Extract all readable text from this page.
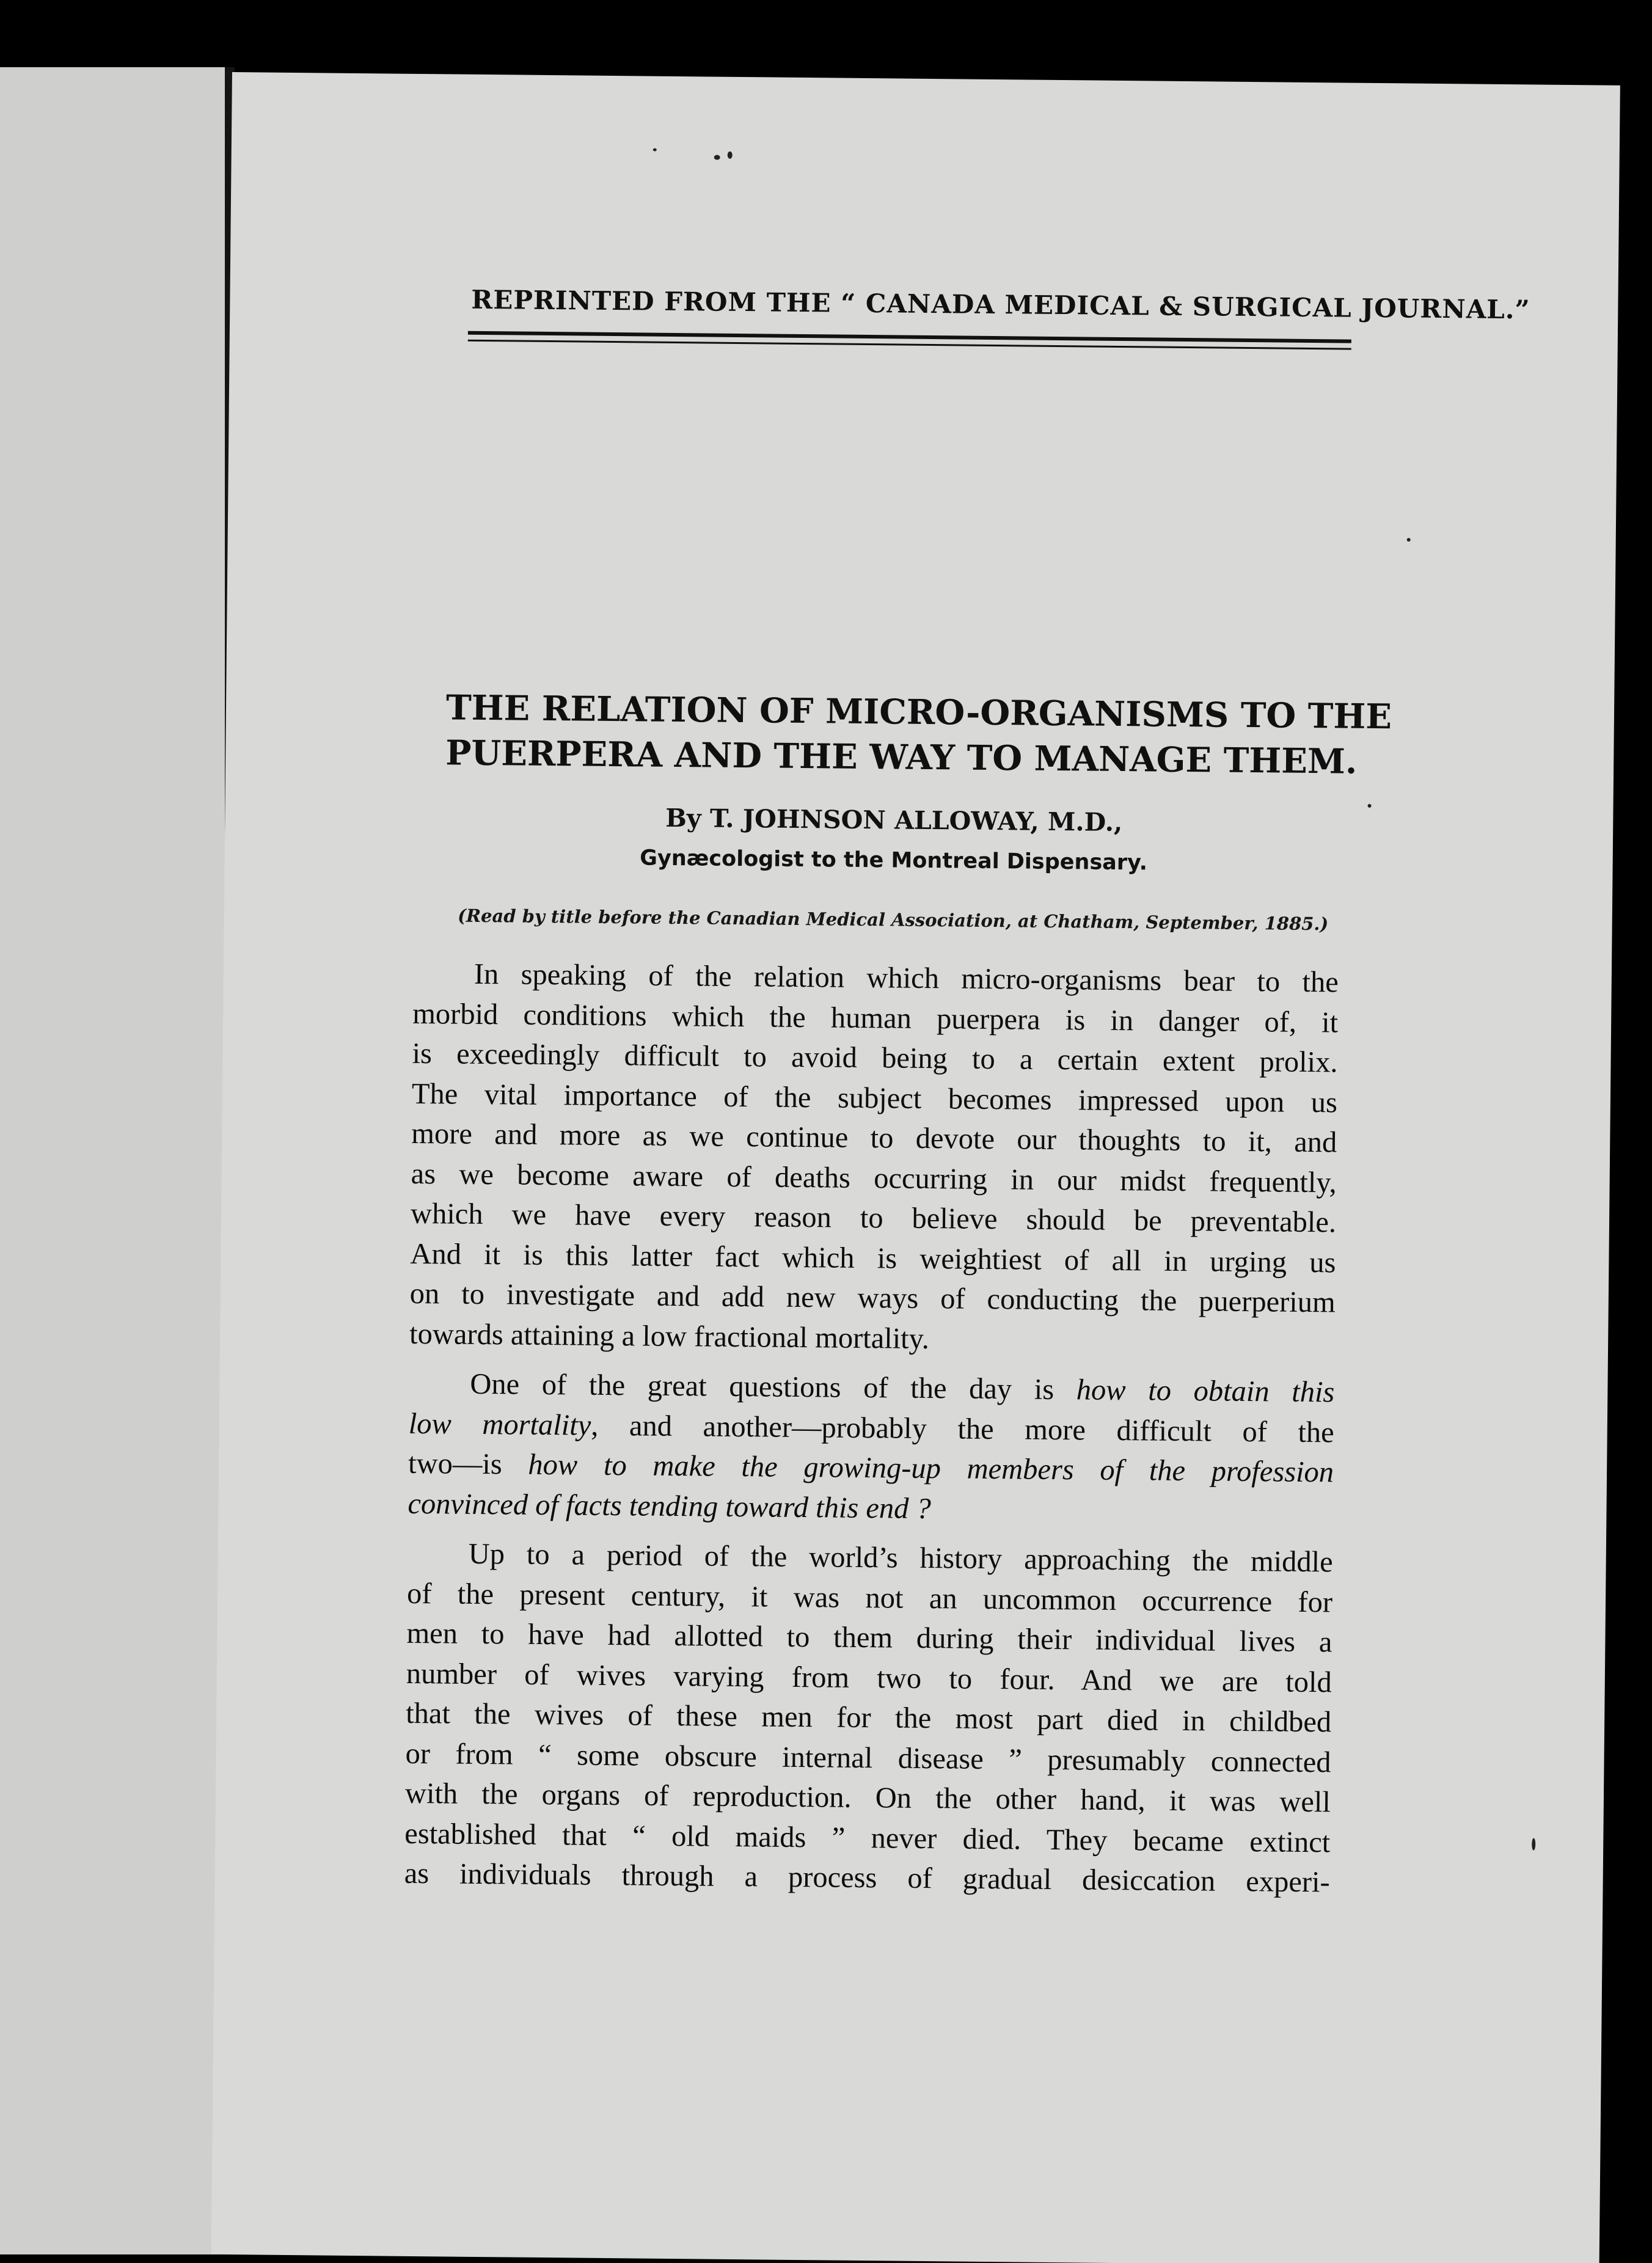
REPRINTED FROM THE “ CANADA MEDICAL & SURGICAL JOURNAL.”
THE RELATION OF MICRO-ORGANISMS TO THE
PUERPERA AND THE WAY TO MANAGE THEM.
By T. JOHNSON ALLOWAY, M.D.,
Gynæcologist to the Montreal Dispensary.
(Read by title before the Canadian Medical Association, at Chatham, September, 1885.)

In speaking of the relation which micro-organisms bear to the
morbid conditions which the human puerpera is in danger of, it
is exceedingly difficult to avoid being to a certain extent prolix.
The vital importance of the subject becomes impressed upon us
more and more as we continue to devote our thoughts to it, and
as we become aware of deaths occurring in our midst frequently,
which we have every reason to believe should be preventable.
And it is this latter fact which is weightiest of all in urging us
on to investigate and add new ways of conducting the puerperium
towards attaining a low fractional mortality.

One of the great questions of the day is how to obtain this
low mortality, and another—probably the more difficult of the
two—is how to make the growing-up members of the profession
convinced of facts tending toward this end ?

Up to a period of the world’s history approaching the middle
of the present century, it was not an uncommon occurrence for
men to have had allotted to them during their individual lives a
number of wives varying from two to four. And we are told
that the wives of these men for the most part died in childbed
or from “ some obscure internal disease ” presumably connected
with the organs of reproduction. On the other hand, it was well
established that “ old maids ” never died. They became extinct
as individuals through a process of gradual desiccation experi-
